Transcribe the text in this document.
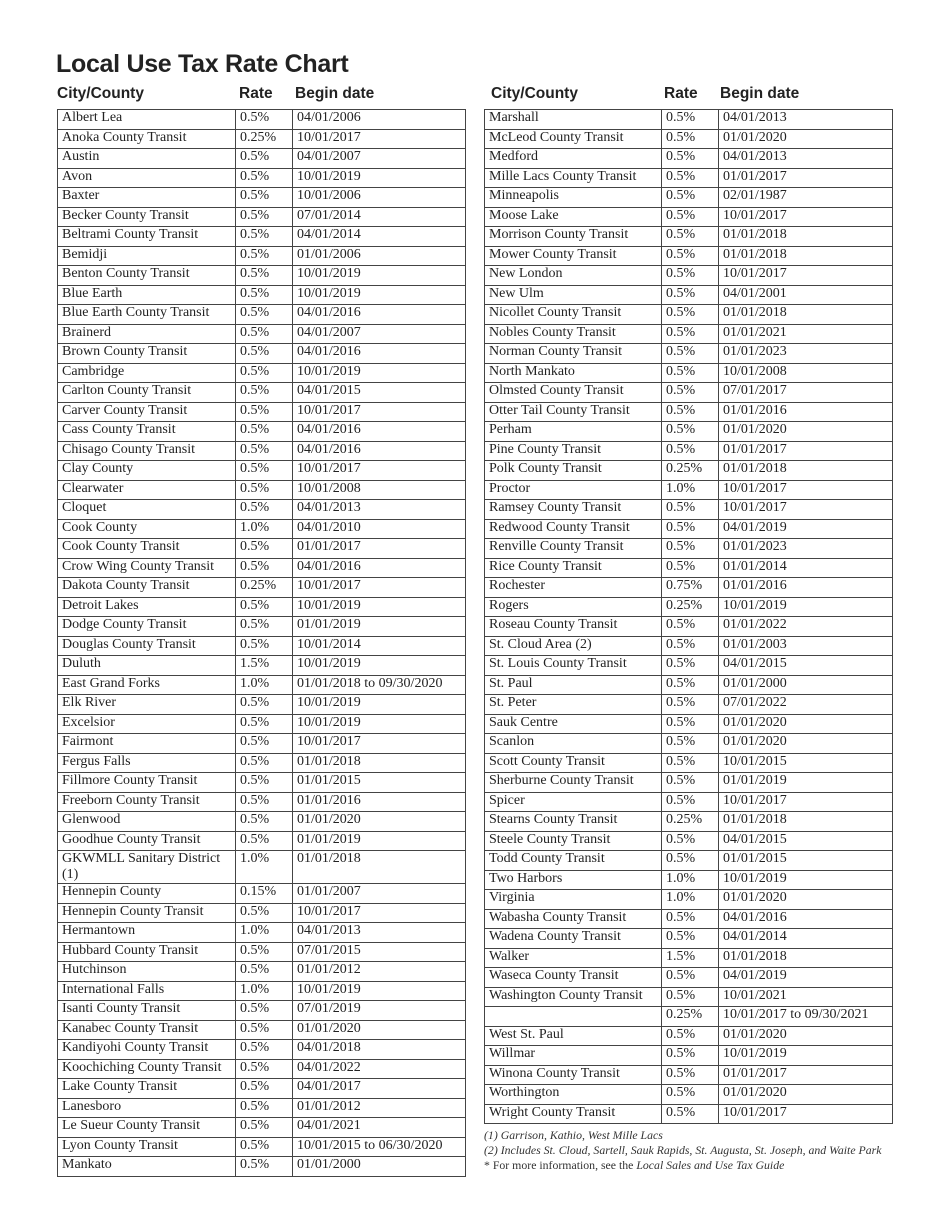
Local Use Tax Rate Chart
City/County	Rate Begin date
Albert Lea	0.5%	04/01/2006
Anoka County Transit	0.25%	10/01/2017
Austin	0.5%	04/01/2007
Avon	0.5%	10/01/2019
Baxter	0.5%	10/01/2006
Becker County Transit	0.5%	07/01/2014
Beltrami County Transit	0.5%	04/01/2014
Bemidji	0.5%	01/01/2006
Benton County Transit	0.5%	10/01/2019
Blue Earth	0.5%	10/01/2019
Blue Earth County Transit	0.5%	04/01/2016
Brainerd	0.5%	04/01/2007
Brown County Transit	0.5%	04/01/2016
Cambridge	0.5%	10/01/2019
Carlton County Transit	0.5%	04/01/2015
Carver County Transit	0.5%	10/01/2017
Cass County Transit	0.5%	04/01/2016
Chisago County Transit	0.5%	04/01/2016
Clay County	0.5%	10/01/2017
Clearwater	0.5%	10/01/2008
Cloquet	0.5%	04/01/2013
Cook County	1.0%	04/01/2010
Cook County Transit	0.5%	01/01/2017
Crow Wing County Transit	0.5%	04/01/2016
Dakota County Transit	0.25%	10/01/2017
Detroit Lakes	0.5%	10/01/2019
Dodge County Transit	0.5%	01/01/2019
Douglas County Transit	0.5%	10/01/2014
Duluth	1.5%	10/01/2019
East Grand Forks	1.0%	01/01/2018 to 09/30/2020
Elk River	0.5%	10/01/2019
Excelsior	0.5%	10/01/2019
Fairmont	0.5%	10/01/2017
Fergus Falls	0.5%	01/01/2018
Fillmore County Transit	0.5%	01/01/2015
Freeborn County Transit	0.5%	01/01/2016
Glenwood	0.5%	01/01/2020
Goodhue County Transit	0.5%	01/01/2019
GKWMLL Sanitary District (1)	1.0%	01/01/2018
Hennepin County	0.15%	01/01/2007
Hennepin County Transit	0.5%	10/01/2017
Hermantown	1.0%	04/01/2013
Hubbard County Transit	0.5%	07/01/2015
Hutchinson	0.5%	01/01/2012
International Falls	1.0%	10/01/2019
Isanti County Transit	0.5%	07/01/2019
Kanabec County Transit	0.5%	01/01/2020
Kandiyohi County Transit	0.5%	04/01/2018
Koochiching County Transit	0.5%	04/01/2022
Lake County Transit	0.5%	04/01/2017
Lanesboro	0.5%	01/01/2012
Le Sueur County Transit	0.5%	04/01/2021
Lyon County Transit	0.5%	10/01/2015 to 06/30/2020
Mankato	0.5%	01/01/2000
City/County	Rate Begin date
Marshall	0.5%	04/01/2013
McLeod County Transit	0.5%	01/01/2020
Medford	0.5%	04/01/2013
Mille Lacs County Transit	0.5%	01/01/2017
Minneapolis	0.5%	02/01/1987
Moose Lake	0.5%	10/01/2017
Morrison County Transit	0.5%	01/01/2018
Mower County Transit	0.5%	01/01/2018
New London	0.5%	10/01/2017
New Ulm	0.5%	04/01/2001
Nicollet County Transit	0.5%	01/01/2018
Nobles County Transit	0.5%	01/01/2021
Norman County Transit	0.5%	01/01/2023
North Mankato	0.5%	10/01/2008
Olmsted County Transit	0.5%	07/01/2017
Otter Tail County Transit	0.5%	01/01/2016
Perham	0.5%	01/01/2020
Pine County Transit	0.5%	01/01/2017
Polk County Transit	0.25%	01/01/2018
Proctor	1.0%	10/01/2017
Ramsey County Transit	0.5%	10/01/2017
Redwood County Transit	0.5%	04/01/2019
Renville County Transit	0.5%	01/01/2023
Rice County Transit	0.5%	01/01/2014
Rochester	0.75%	01/01/2016
Rogers	0.25%	10/01/2019
Roseau County Transit	0.5%	01/01/2022
St. Cloud Area (2)	0.5%	01/01/2003
St. Louis County Transit	0.5%	04/01/2015
St. Paul	0.5%	01/01/2000
St. Peter	0.5%	07/01/2022
Sauk Centre	0.5%	01/01/2020
Scanlon	0.5%	01/01/2020
Scott County Transit	0.5%	10/01/2015
Sherburne County Transit	0.5%	01/01/2019
Spicer	0.5%	10/01/2017
Stearns County Transit	0.25%	01/01/2018
Steele County Transit	0.5%	04/01/2015
Todd County Transit	0.5%	01/01/2015
Two Harbors	1.0%	10/01/2019
Virginia	1.0%	01/01/2020
Wabasha County Transit	0.5%	04/01/2016
Wadena County Transit	0.5%	04/01/2014
Walker	1.5%	01/01/2018
Waseca County Transit	0.5%	04/01/2019
Washington County Transit	0.5%	10/01/2021
	0.25%	10/01/2017 to 09/30/2021
West St. Paul	0.5%	01/01/2020
Willmar	0.5%	10/01/2019
Winona County Transit	0.5%	01/01/2017
Worthington	0.5%	01/01/2020
Wright County Transit	0.5%	10/01/2017
(1) Garrison, Kathio, West Mille Lacs
(2) Includes St. Cloud, Sartell, Sauk Rapids, St. Augusta, St. Joseph, and Waite Park
* For more information, see the Local Sales and Use Tax Guide
